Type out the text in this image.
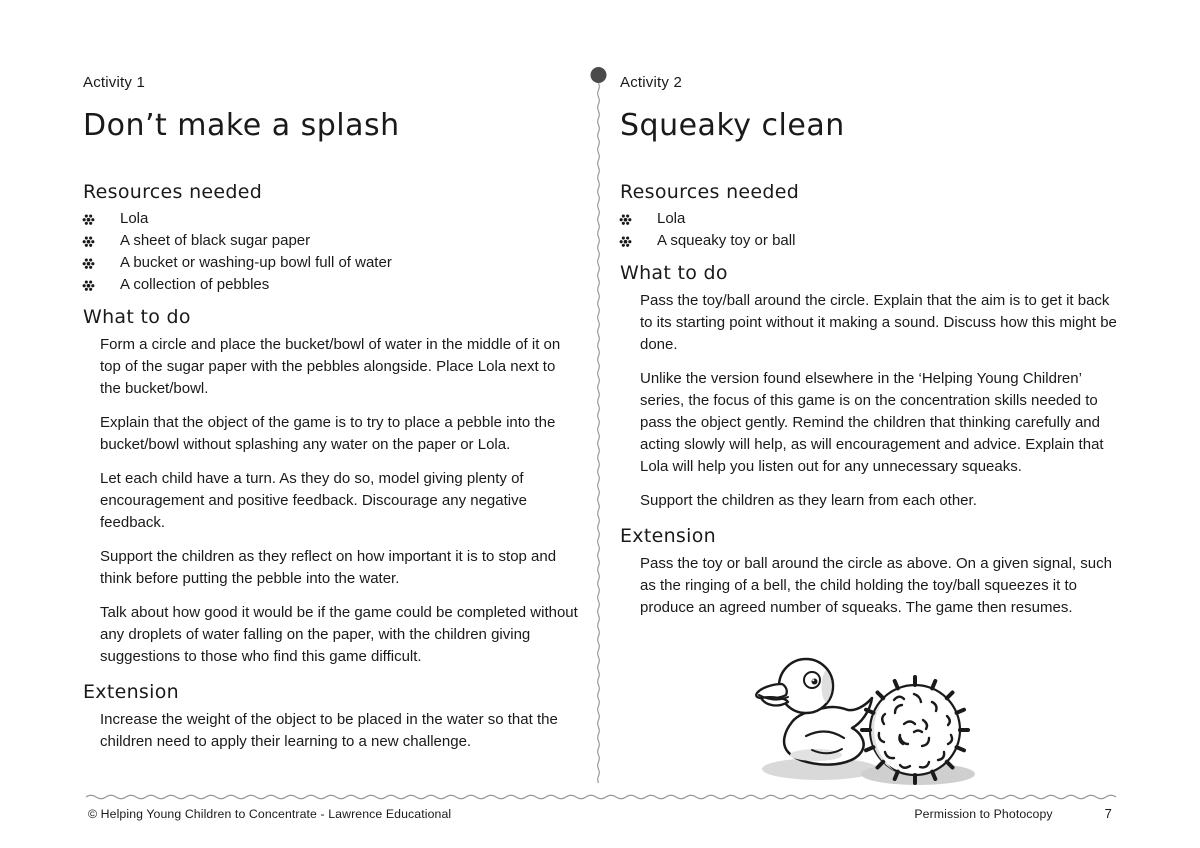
Activity 1
Don’t make a splash
Resources needed
Lola
A sheet of black sugar paper
A bucket or washing-up bowl full of water
A collection of pebbles
What to do

Form a circle and place the bucket/bowl of water in the middle of it on top of the sugar paper with the pebbles alongside. Place Lola next to the bucket/bowl.

Explain that the object of the game is to try to place a pebble into the bucket/bowl without splashing any water on the paper or Lola.

Let each child have a turn. As they do so, model giving plenty of encouragement and positive feedback. Discourage any negative feedback.

Support the children as they reflect on how important it is to stop and think before putting the pebble into the water.

Talk about how good it would be if the game could be completed without any droplets of water falling on the paper, with the children giving suggestions to those who find this game difficult.

Extension

Increase the weight of the object to be placed in the water so that the children need to apply their learning to a new challenge.

Activity 2
Squeaky clean
Resources needed
Lola
A squeaky toy or ball
What to do

Pass the toy/ball around the circle. Explain that the aim is to get it back to its starting point without it making a sound. Discuss how this might be done.

Unlike the version found elsewhere in the ‘Helping Young Children’ series, the focus of this game is on the concentration skills needed to pass the object gently. Remind the children that thinking carefully and acting slowly will help, as will encouragement and advice. Explain that Lola will help you listen out for any unnecessary squeaks.

Support the children as they learn from each other.

Extension

Pass the toy or ball around the circle as above. On a given signal, such as the ringing of a bell, the child holding the toy/ball squeezes it to produce an agreed number of squeaks. The game then resumes.

© Helping Young Children to Concentrate - Lawrence Educational	Permission to Photocopy	7
